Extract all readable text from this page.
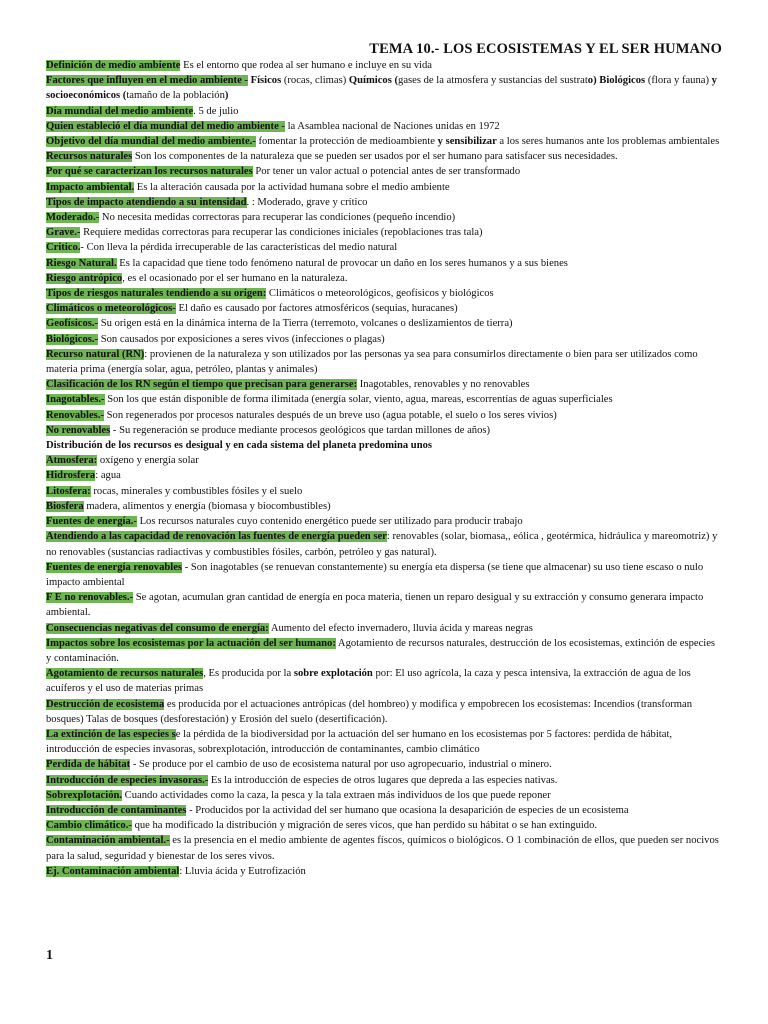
TEMA 10.- LOS ECOSISTEMAS Y EL SER HUMANO

Definición de medio ambiente Es el entorno que rodea al ser humano e incluye en su vida

Factores que influyen en el medio ambiente - Físicos (rocas, climas) Químicos (gases de la atmosfera y sustancias del sustrato) Biológicos (flora y fauna) y socioeconómicos (tamaño de la población)

Día mundial del medio ambiente. 5 de julio

Quien estableció el día mundial del medio ambiente - la Asamblea nacional de Naciones unidas en 1972

Objetivo del día mundial del medio ambiente.- fomentar la protección de medioambiente y sensibilizar a los seres humanos ante los problemas ambientales

Recursos naturales Son los componentes de la naturaleza que se pueden ser usados por el ser humano para satisfacer sus necesidades.

Por qué se caracterizan los recursos naturales Por tener un valor actual o potencial antes de ser transformado

Impacto ambiental. Es la alteración causada por la actividad humana sobre el medio ambiente

Tipos de impacto atendiendo a su intensidad. : Moderado, grave y crítico

Moderado.- No necesita medidas correctoras para recuperar las condiciones (pequeño incendio)

Grave.- Requiere medidas correctoras para recuperar las condiciones iniciales (repoblaciones tras tala)

Critico.- Con lleva la pérdida irrecuperable de las características del medio natural

Riesgo Natural. Es la capacidad que tiene todo fenómeno natural de provocar un daño en los seres humanos y a sus bienes

Riesgo antrópico, es el ocasionado por el ser humano en la naturaleza.

Tipos de riesgos naturales tendiendo a su origen: Climáticos o meteorológicos, geofísicos y biológicos

Climáticos o meteorológicos- El daño es causado por factores atmosféricos (sequias, huracanes)

Geofísicos.- Su origen está en la dinámica interna de la Tierra (terremoto, volcanes o deslizamientos de tierra)

Biológicos.- Son causados por exposiciones a seres vivos (infecciones o plagas)

Recurso natural (RN): provienen de la naturaleza y son utilizados por las personas ya sea para consumirlos directamente o bien para ser utilizados como materia prima (energía solar, agua, petróleo, plantas y animales)

Clasificación de los RN según el tiempo que precisan para generarse: Inagotables, renovables y no renovables

Inagotables.- Son los que están disponible de forma ilimitada (energía solar, viento, agua, mareas, escorrentías de aguas superficiales

Renovables.- Son regenerados por procesos naturales después de un breve uso (agua potable, el suelo o los seres vivios)

No renovables - Su regeneración se produce mediante procesos geológicos que tardan millones de años)

Distribución de los recursos es desigual y en cada sistema del planeta predomina unos

Atmosfera: oxígeno y energía solar

Hidrosfera: agua

Litosfera: rocas, minerales y combustibles fósiles y el suelo

Biosfera madera, alimentos y energía (biomasa y biocombustibles)

Fuentes de energía.- Los recursos naturales cuyo contenido energético puede ser utilizado para producir trabajo

Atendiendo a las capacidad de renovación las fuentes de energía pueden ser: renovables (solar, biomasa,, eólica , geotérmica, hidráulica y mareomotriz) y no renovables (sustancias radiactivas y combustibles fósiles, carbón, petróleo y gas natural).

Fuentes de energía renovables - Son inagotables (se renuevan constantemente) su energía eta dispersa (se tiene que almacenar) su uso tiene escaso o nulo impacto ambiental

F E no renovables.- Se agotan, acumulan gran cantidad de energía en poca materia, tienen un reparo desigual y su extracción y consumo generara impacto ambiental.

Consecuencias negativas del consumo de energía: Aumento del efecto invernadero, lluvia ácida y mareas negras

Impactos sobre los ecosistemas por la actuación del ser humano: Agotamiento de recursos naturales, destrucción de los ecosistemas, extinción de especies y contaminación.

Agotamiento de recursos naturales, Es producida por la sobre explotación por: El uso agrícola, la caza y pesca intensiva, la extracción de agua de los acuíferos y el uso de materias primas

Destrucción de ecosistema es producida por el actuaciones antrópicas (del hombreo) y modifica y empobrecen los ecosistemas: Incendios (transforman bosques) Talas de bosques (desforestación) y Erosión del suelo (desertificación).

La extinción de las especies se la pérdida de la biodiversidad por la actuación del ser humano en los ecosistemas por 5 factores: perdida de hábitat, introducción de especies invasoras, sobrexplotación, introducción de contaminantes, cambio climático

Perdida de hábitat - Se produce por el cambio de uso de ecosistema natural por uso agropecuario, industrial o minero.

Introducción de especies invasoras.- Es la introducción de especies de otros lugares que depreda a las especies nativas.

Sobrexplotación. Cuando actividades como la caza, la pesca y la tala extraen más individuos de los que puede reponer

Introducción de contaminantes - Producidos por la actividad del ser humano que ocasiona la desaparición de especies de un ecosistema

Cambio climático.- que ha modificado la distribución y migración de seres vicos, que han perdido su hábitat o se han extinguido.

Contaminación ambiental.- es la presencia en el medio ambiente de agentes físcos, químicos o biológicos. O 1 combinación de ellos, que pueden ser nocivos para la salud, seguridad y bienestar de los seres vivos.

Ej. Contaminación ambiental: Lluvia ácida y Eutrofización

1
